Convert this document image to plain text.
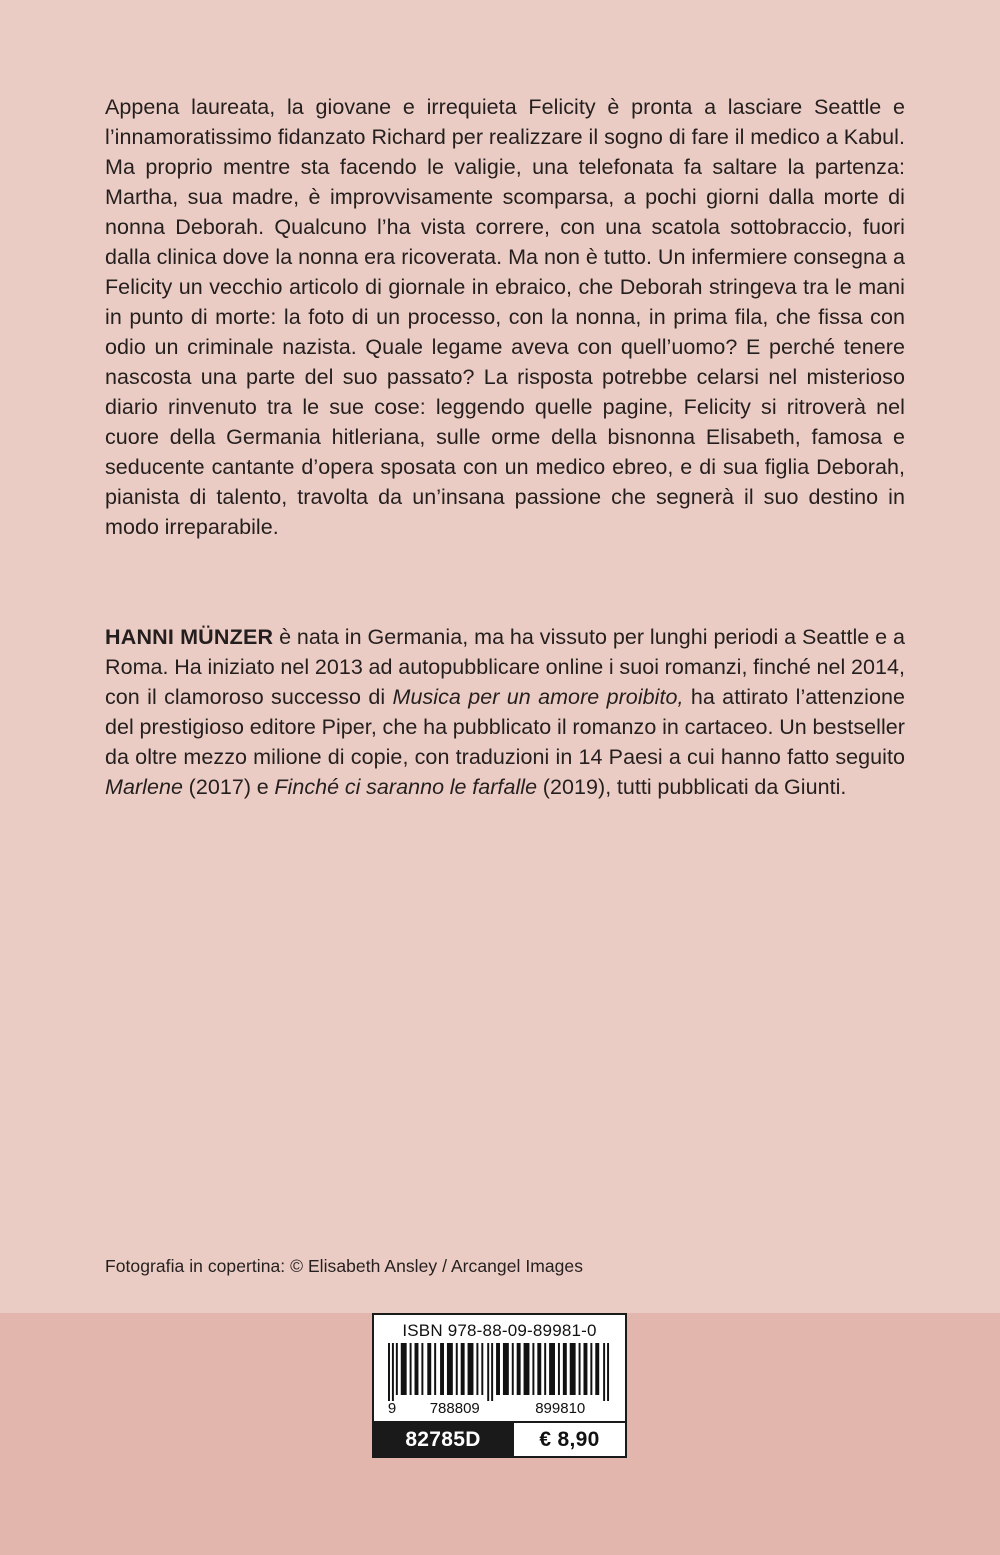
Appena laureata, la giovane e irrequieta Felicity è pronta a lasciare Seattle e l’innamoratissimo fidanzato Richard per realizzare il sogno di fare il medico a Kabul. Ma proprio mentre sta facendo le valigie, una telefonata fa saltare la partenza: Martha, sua madre, è improvvisamente scomparsa, a pochi giorni dalla morte di nonna Deborah. Qualcuno l’ha vista correre, con una scatola sottobraccio, fuori dalla clinica dove la nonna era ricoverata. Ma non è tutto. Un infermiere consegna a Felicity un vecchio articolo di giornale in ebraico, che Deborah stringeva tra le mani in punto di morte: la foto di un processo, con la nonna, in prima fila, che fissa con odio un criminale nazista. Quale legame aveva con quell’uomo? E perché tenere nascosta una parte del suo passato? La risposta potrebbe celarsi nel misterioso diario rinvenuto tra le sue cose: leggendo quelle pagine, Felicity si ritroverà nel cuore della Germania hitleriana, sulle orme della bisnonna Elisabeth, famosa e seducente cantante d’opera sposata con un medico ebreo, e di sua figlia Deborah, pianista di talento, travolta da un’insana passione che segnerà il suo destino in modo irreparabile.

HANNI MÜNZER è nata in Germania, ma ha vissuto per lunghi periodi a Seattle e a Roma. Ha iniziato nel 2013 ad autopubblicare online i suoi romanzi, finché nel 2014, con il clamoroso successo di Musica per un amore proibito, ha attirato l’attenzione del prestigioso editore Piper, che ha pubblicato il romanzo in cartaceo. Un bestseller da oltre mezzo milione di copie, con traduzioni in 14 Paesi a cui hanno fatto seguito Marlene (2017) e Finché ci saranno le farfalle (2019), tutti pubblicati da Giunti.

Fotografia in copertina: © Elisabeth Ansley / Arcangel Images
ISBN 978-88-09-89981-0
9	788809	899810
82785D	€ 8,90
